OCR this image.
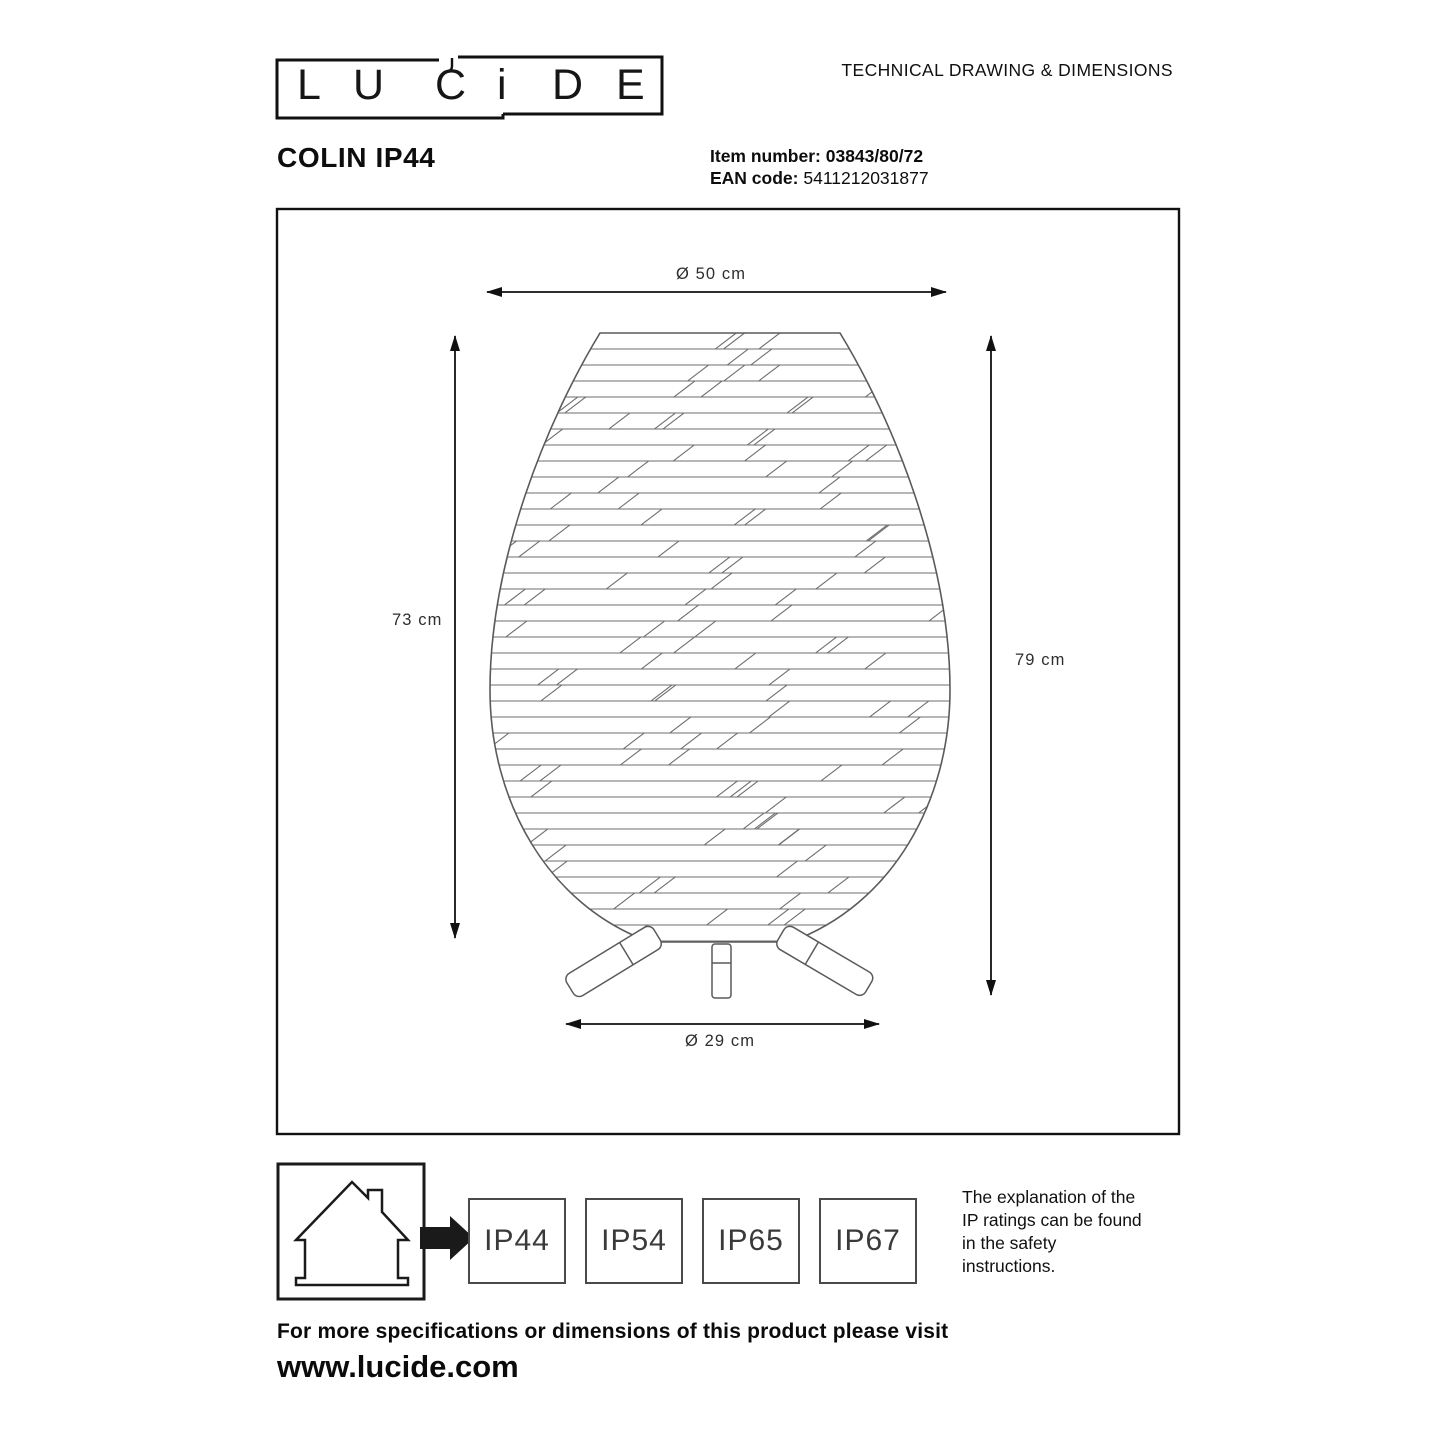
L U C i D E	TECHNICAL DRAWING & DIMENSIONS
COLIN IP44	Item number: 03843/80/72
EAN code: 5411212031877
Ø 50 cm
73 cm
79 cm
Ø 29 cm
IP44	IP54	IP65	IP67
The explanation of the
IP ratings can be found
in the safety
instructions.
For more specifications or dimensions of this product please visit
www.lucide.com
